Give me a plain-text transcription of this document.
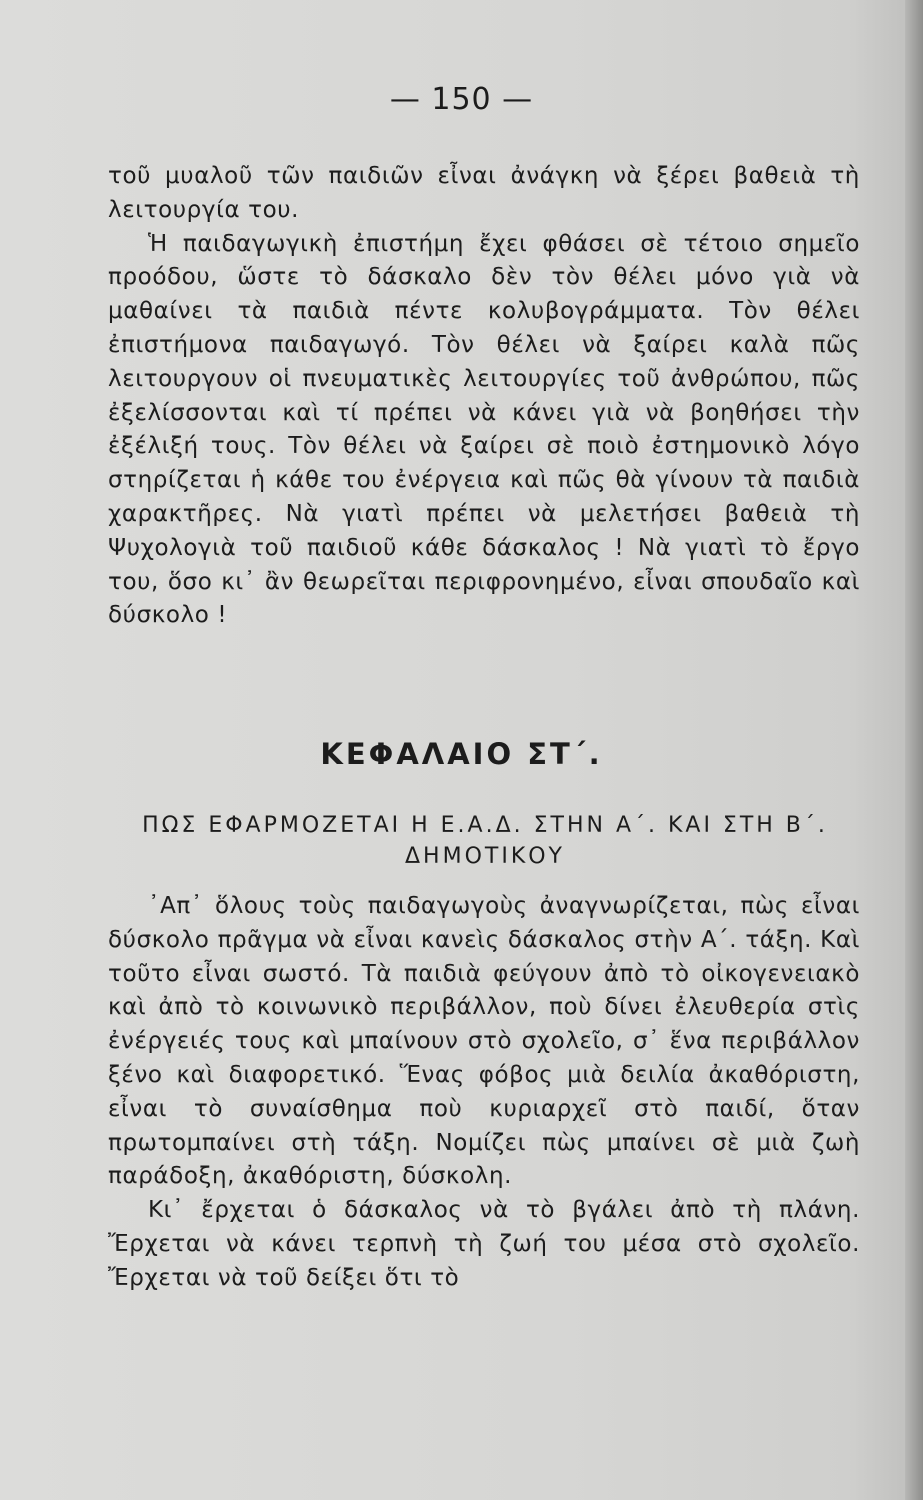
— 150 —

τοῦ μυαλοῦ τῶν παιδιῶν εἶναι ἀνάγκη νὰ ξέρει βαθειὰ τὴ λειτουργία του.

Ἡ παιδαγωγικὴ ἐπιστήμη ἔχει φθάσει σὲ τέτοιο σημεῖο προόδου, ὥστε τὸ δάσκαλο δὲν τὸν θέλει μόνο γιὰ νὰ μαθαίνει τὰ παιδιὰ πέντε κολυβογράμματα. Τὸν θέλει ἐπιστήμονα παιδαγωγό. Τὸν θέλει νὰ ξαίρει καλὰ πῶς λειτουργουν οἱ πνευματικὲς λειτουργίες τοῦ ἀνθρώπου, πῶς ἐξελίσσονται καὶ τί πρέπει νὰ κάνει γιὰ νὰ βοηθήσει τὴν ἐξέλιξή τους. Τὸν θέλει νὰ ξαίρει σὲ ποιὸ ἐστημονικὸ λόγο στηρίζεται ἡ κάθε του ἐνέργεια καὶ πῶς θὰ γίνουν τὰ παιδιὰ χαρακτῆρες. Νὰ γιατὶ πρέπει νὰ μελετήσει βαθειὰ τὴ Ψυχολογιὰ τοῦ παιδιοῦ κάθε δάσκαλος ! Νὰ γιατὶ τὸ ἔργο του, ὅσο κι᾿ ἂν θεωρεῖται περιφρονημένο, εἶναι σπουδαῖο καὶ δύσκολο !

ΚΕΦΑΛΑΙΟ ΣΤ΄.
ΠΩΣ ΕΦΑΡΜΟΖΕΤΑΙ Η Ε.Α.Δ. ΣΤΗΝ Α΄. ΚΑΙ ΣΤΗ Β΄. ΔΗΜΟΤΙΚΟΥ

᾿Απ᾿ ὅλους τοὺς παιδαγωγοὺς ἀναγνωρίζεται, πὼς εἶναι δύσκολο πρᾶγμα νὰ εἶναι κανεὶς δάσκαλος στὴν Α΄. τάξη. Καὶ τοῦτο εἶναι σωστό. Τὰ παιδιὰ φεύγουν ἀπὸ τὸ οἰκογενειακὸ καὶ ἀπὸ τὸ κοινωνικὸ περιβάλλον, ποὺ δίνει ἐλευθερία στὶς ἐνέργειές τους καὶ μπαίνουν στὸ σχολεῖο, σ᾿ ἕνα περιβάλλον ξένο καὶ διαφορετικό. Ἕνας φόβος μιὰ δειλία ἀκαθόριστη, εἶναι τὸ συναίσθημα ποὺ κυριαρχεῖ στὸ παιδί, ὅταν πρωτομπαίνει στὴ τάξη. Νομίζει πὼς μπαίνει σὲ μιὰ ζωὴ παράδοξη, ἀκαθόριστη, δύσκολη.

Κι᾿ ἔρχεται ὁ δάσκαλος νὰ τὸ βγάλει ἀπὸ τὴ πλάνη. Ἔρχεται νὰ κάνει τερπνὴ τὴ ζωή του μέσα στὸ σχολεῖο. Ἔρχεται νὰ τοῦ δείξει ὅτι τὸ
